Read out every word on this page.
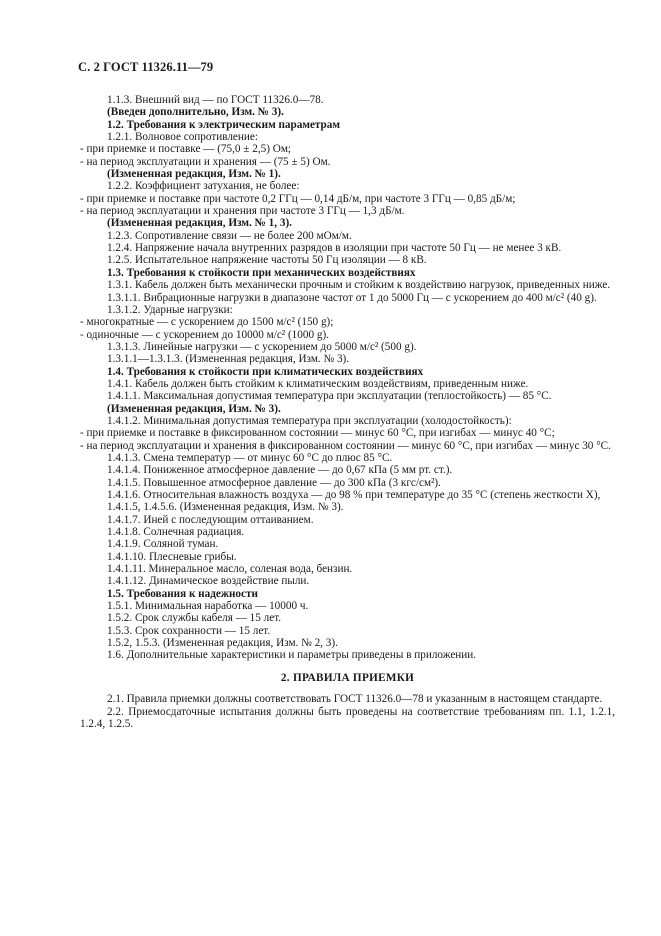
С. 2 ГОСТ 11326.11—79

1.1.3. Внешний вид — по ГОСТ 11326.0—78.

(Введен дополнительно, Изм. № 3).

1.2. Требования к электрическим параметрам

1.2.1. Волновое сопротивление:

- при приемке и поставке — (75,0 ± 2,5) Ом;

- на период эксплуатации и хранения — (75 ± 5) Ом.

(Измененная редакция, Изм. № 1).

1.2.2. Коэффициент затухания, не более:

- при приемке и поставке при частоте 0,2 ГГц — 0,14 дБ/м, при частоте 3 ГГц — 0,85 дБ/м;

- на период эксплуатации и хранения при частоте 3 ГГц — 1,3 дБ/м.

(Измененная редакция, Изм. № 1, 3).

1.2.3. Сопротивление связи — не более 200 мОм/м.

1.2.4. Напряжение начала внутренних разрядов в изоляции при частоте 50 Гц — не менее 3 кВ.

1.2.5. Испытательное напряжение частоты 50 Гц изоляции — 8 кВ.

1.3. Требования к стойкости при механических воздействиях

1.3.1. Кабель должен быть механически прочным и стойким к воздействию нагрузок, приведенных ниже.

1.3.1.1. Вибрационные нагрузки в диапазоне частот от 1 до 5000 Гц — с ускорением до 400 м/с² (40 g).

1.3.1.2. Ударные нагрузки:

- многократные — с ускорением до 1500 м/с² (150 g);

- одиночные — с ускорением до 10000 м/с² (1000 g).

1.3.1.3. Линейные нагрузки — с ускорением до 5000 м/с² (500 g).

1.3.1.1—1.3.1.3. (Измененная редакция, Изм. № 3).

1.4. Требования к стойкости при климатических воздействиях

1.4.1. Кабель должен быть стойким к климатическим воздействиям, приведенным ниже.

1.4.1.1. Максимальная допустимая температура при эксплуатации (теплостойкость) — 85 °С.

(Измененная редакция, Изм. № 3).

1.4.1.2. Минимальная допустимая температура при эксплуатации (холодостойкость):

- при приемке и поставке в фиксированном состоянии — минус 60 °С, при изгибах — минус 40 °С;

- на период эксплуатации и хранения в фиксированном состоянии — минус 60 °С, при изгибах — минус 30 °С.

1.4.1.3. Смена температур — от минус 60 °С до плюс 85 °С.

1.4.1.4. Пониженное атмосферное давление — до 0,67 кПа (5 мм рт. ст.).

1.4.1.5. Повышенное атмосферное давление — до 300 кПа (3 кгс/см²).

1.4.1.6. Относительная влажность воздуха — до 98 % при температуре до 35 °С (степень жесткости X),

1.4.1.5, 1.4.5.6. (Измененная редакция, Изм. № 3).

1.4.1.7. Иней с последующим оттаиванием.

1.4.1.8. Солнечная радиация.

1.4.1.9. Соляной туман.

1.4.1.10. Плесневые грибы.

1.4.1.11. Минеральное масло, соленая вода, бензин.

1.4.1.12. Динамическое воздействие пыли.

1.5. Требования к надежности

1.5.1. Минимальная наработка — 10000 ч.

1.5.2. Срок службы кабеля — 15 лет.

1.5.3. Срок сохранности — 15 лет.

1.5.2, 1.5.3. (Измененная редакция, Изм. № 2, 3).

1.6. Дополнительные характеристики и параметры приведены в приложении.

2. ПРАВИЛА ПРИЕМКИ

2.1. Правила приемки должны соответствовать ГОСТ 11326.0—78 и указанным в настоящем стандарте.

2.2. Приемосдаточные испытания должны быть проведены на соответствие требованиям пп. 1.1, 1.2.1, 1.2.4, 1.2.5.
